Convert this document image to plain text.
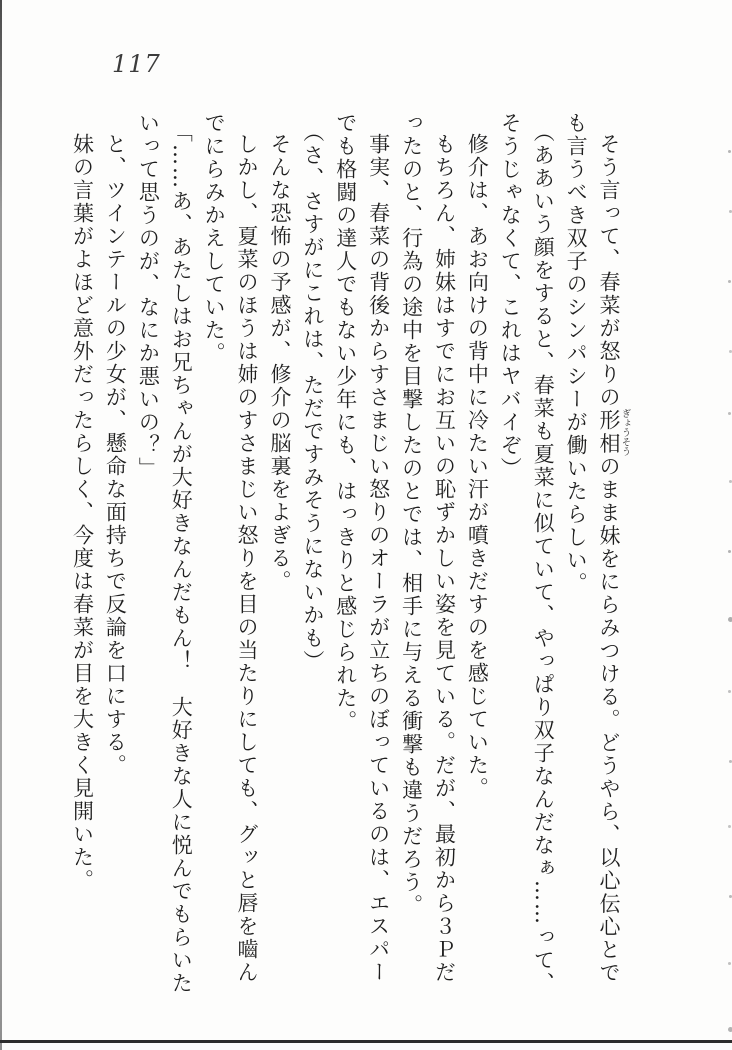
117

そう言って、春菜が怒りの形相ぎょうそうのまま妹をにらみつける。どうやら、以心伝心とでも言うべき双子のシンパシーが働いたらしい。

（ああいう顔をすると、春菜も夏菜に似ていて、やっぱり双子なんだなぁ……って、そうじゃなくて、これはヤバイぞ）

修介は、あお向けの背中に冷たい汗が噴きだすのを感じていた。

もちろん、姉妹はすでにお互いの恥ずかしい姿を見ている。だが、最初から３Ｐだったのと、行為の途中を目撃したのとでは、相手に与える衝撃も違うだろう。

事実、春菜の背後からすさまじい怒りのオーラが立ちのぼっているのは、エスパーでも格闘の達人でもない少年にも、はっきりと感じられた。

（さ、さすがにこれは、ただですみそうにないかも）

そんな恐怖の予感が、修介の脳裏をよぎる。

しかし、夏菜のほうは姉のすさまじい怒りを目の当たりにしても、グッと唇を嚙んでにらみかえしていた。

「……あ、あたしはお兄ちゃんが大好きなんだもん！　大好きな人に悦んでもらいたいって思うのが、なにか悪いの？」

と、ツインテールの少女が、懸命な面持ちで反論を口にする。

妹の言葉がよほど意外だったらしく、今度は春菜が目を大きく見開いた。
